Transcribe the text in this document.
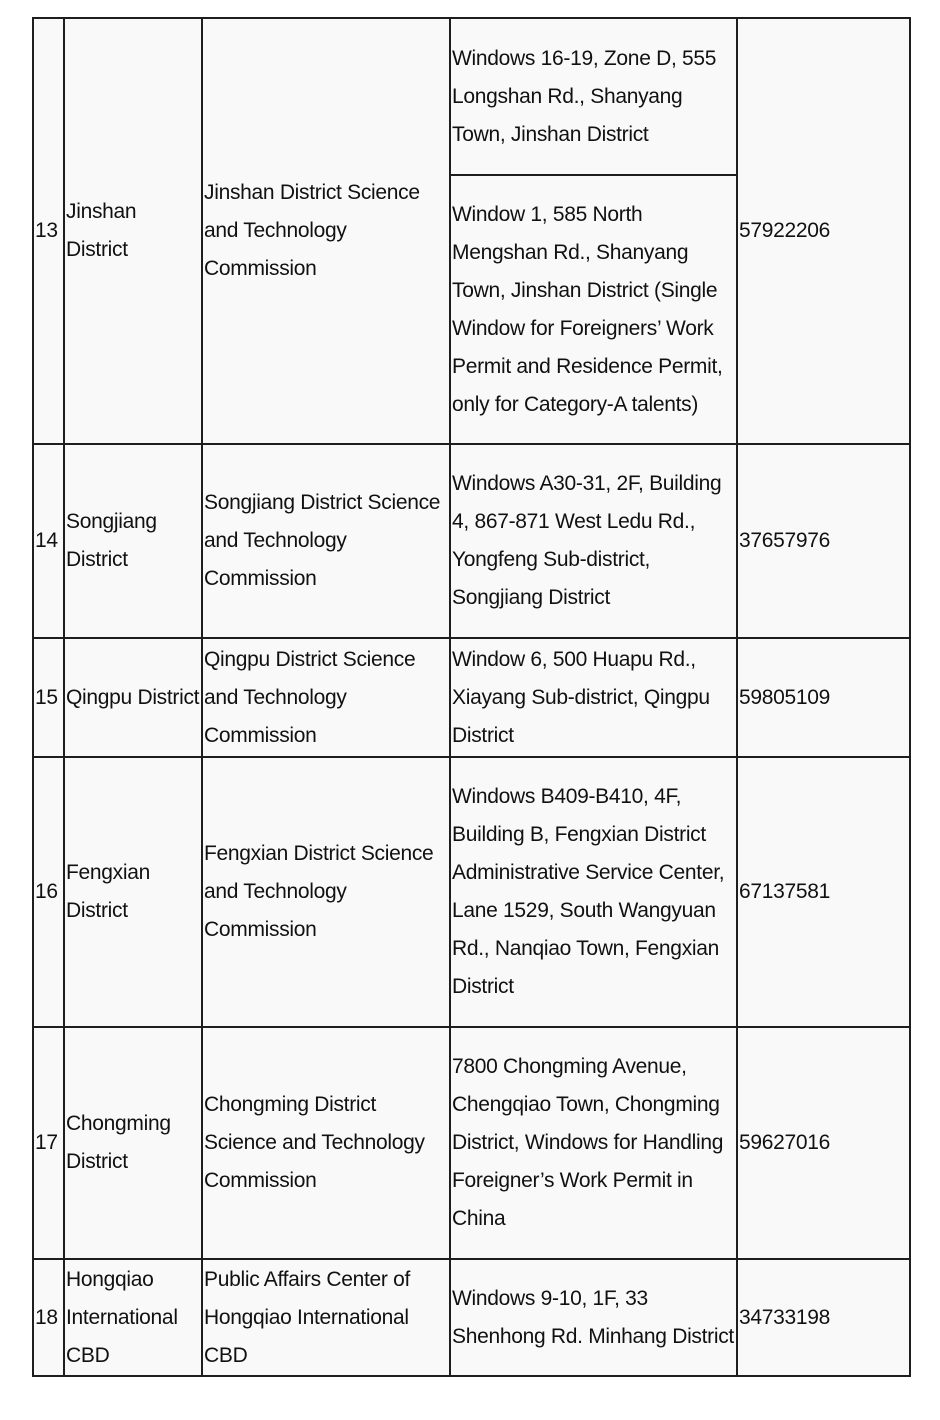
13	Jinshan District	Jinshan District Science and Technology Commission	Windows 16-19, Zone D, 555 Longshan Rd., Shanyang Town, Jinshan District	57922206

			Window 1, 585 North Mengshan Rd., Shanyang Town, Jinshan District (Single Window for Foreigners’ Work Permit and Residence Permit, only for Category-A talents)	

14	Songjiang District	Songjiang District Science and Technology Commission	Windows A30-31, 2F, Building 4, 867-871 West Ledu Rd., Yongfeng Sub-district, Songjiang District	37657976

15	Qingpu District	Qingpu District Science and Technology Commission	Window 6, 500 Huapu Rd., Xiayang Sub-district, Qingpu District	59805109

16	Fengxian District	Fengxian District Science and Technology Commission	Windows B409-B410, 4F, Building B, Fengxian District Administrative Service Center, Lane 1529, South Wangyuan Rd., Nanqiao Town, Fengxian District	67137581

17	Chongming District	Chongming District Science and Technology Commission	7800 Chongming Avenue, Chengqiao Town, Chongming District, Windows for Handling Foreigner’s Work Permit in China	59627016

18	Hongqiao International CBD	Public Affairs Center of Hongqiao International CBD	Windows 9-10, 1F, 33 Shenhong Rd. Minhang District	34733198
